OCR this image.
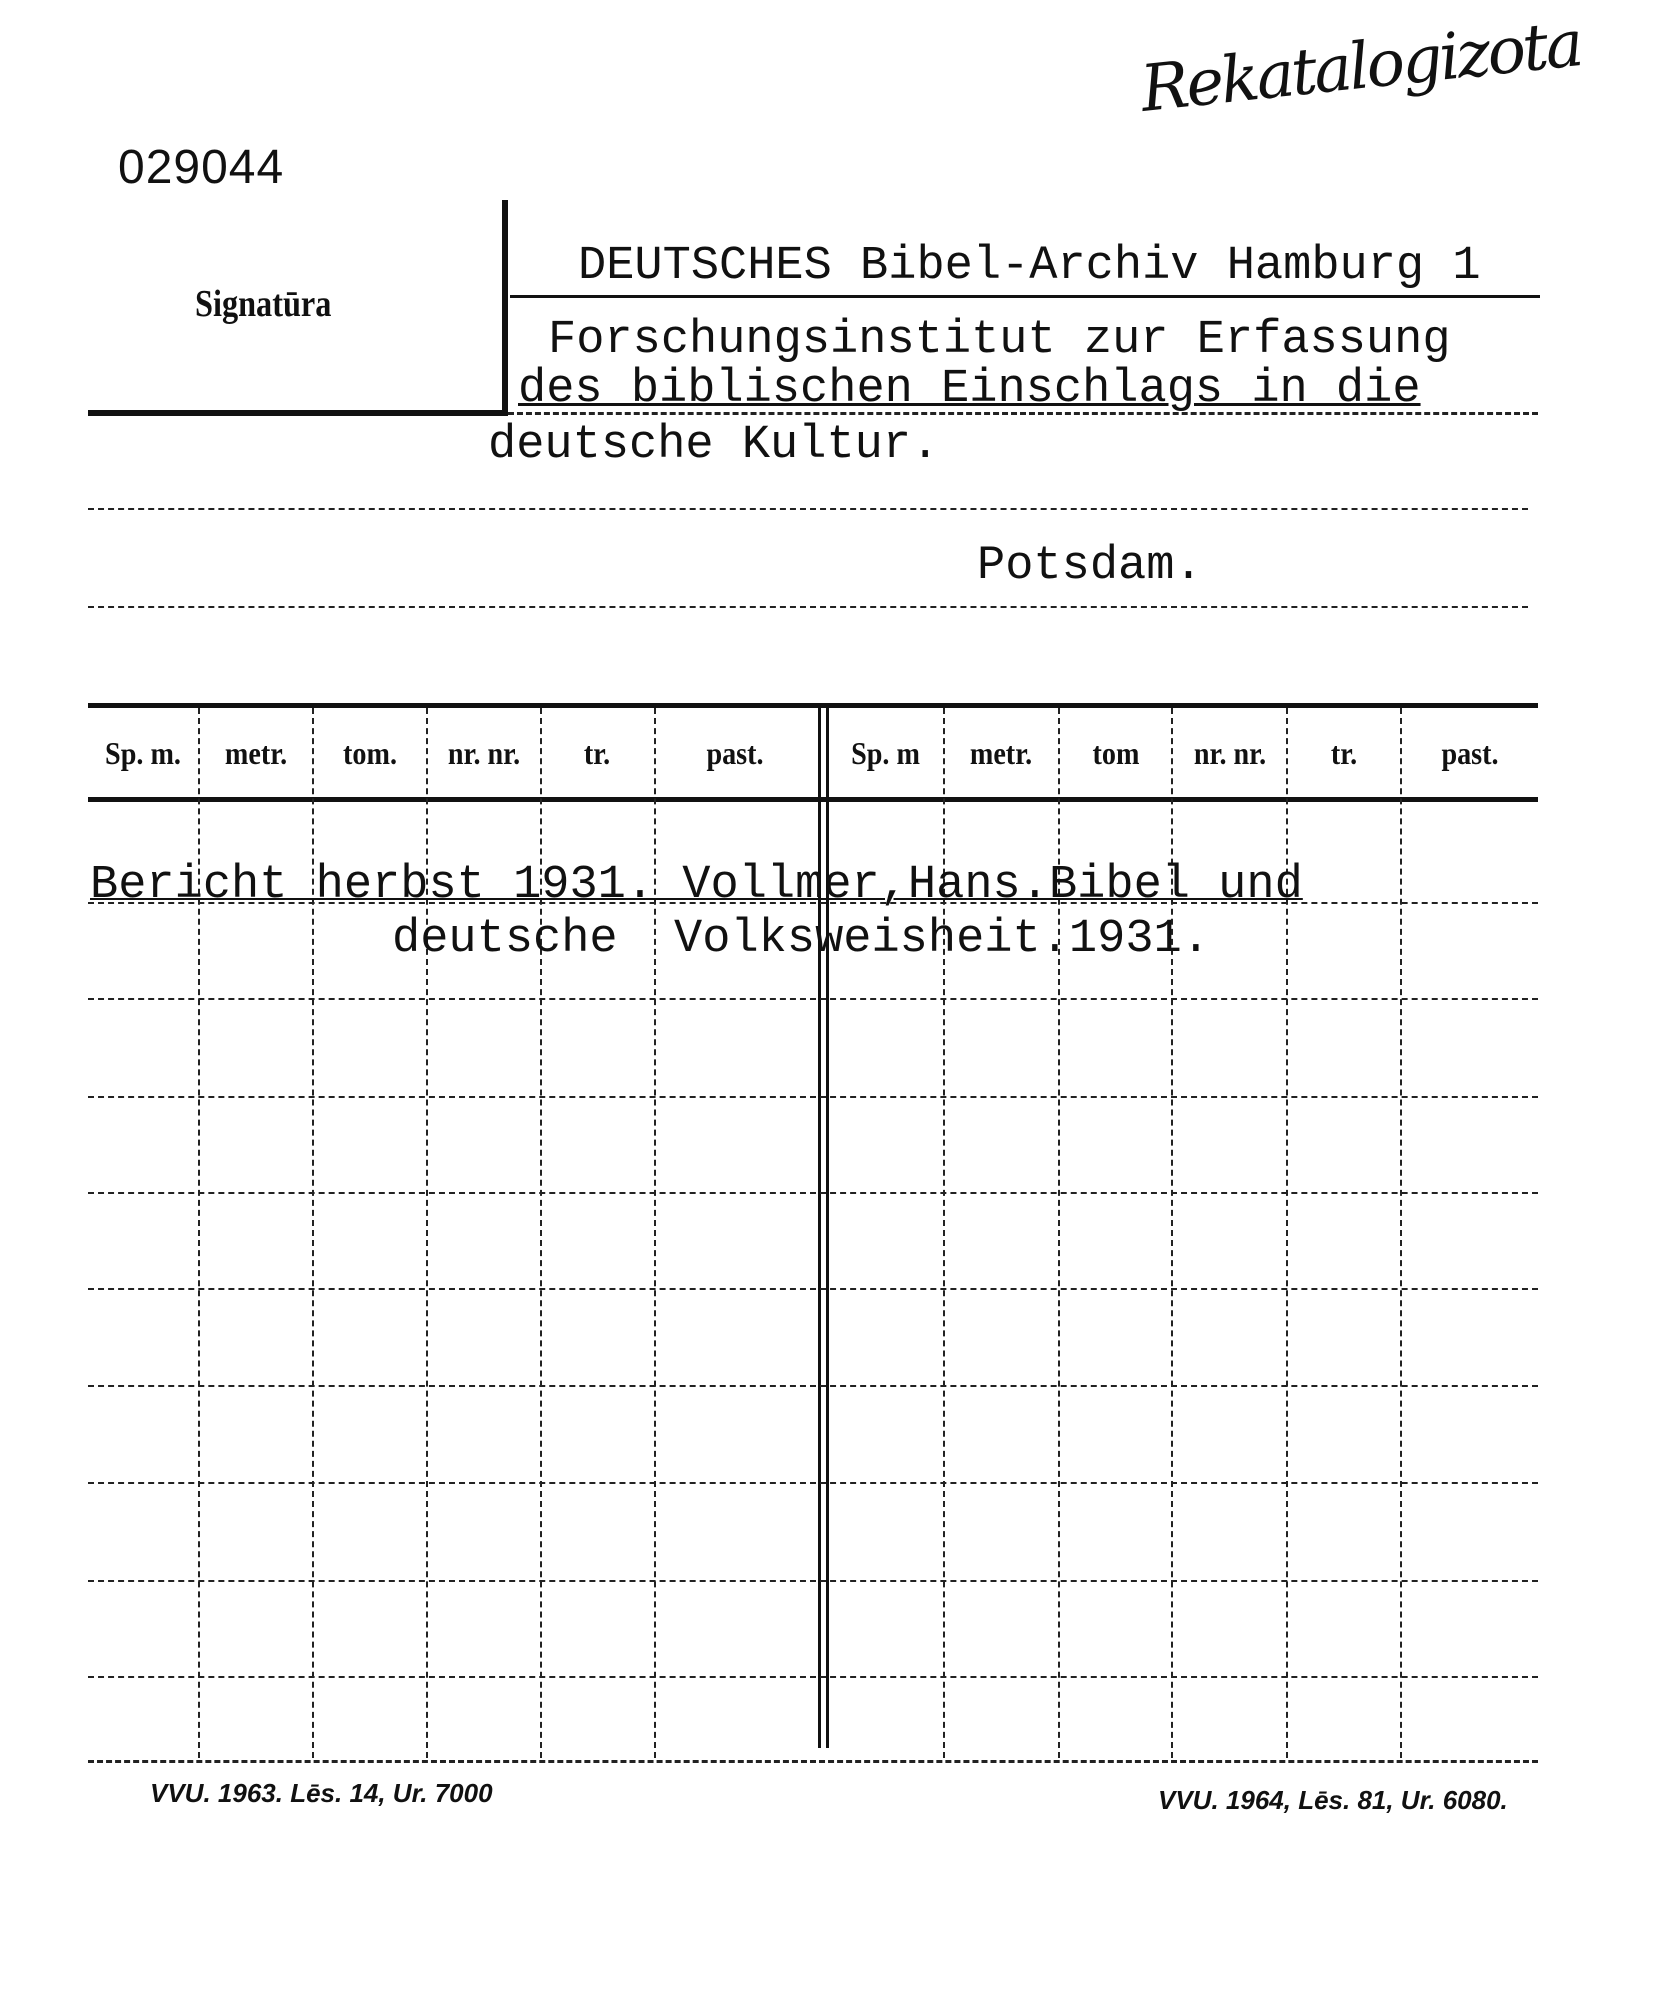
Rekatalogizota
029044
Signatūra
DEUTSCHES Bibel-Archiv Hamburg 1
Forschungsinstitut zur Erfassung
des biblischen Einschlags in die
deutsche Kultur.
Potsdam.
Sp. m.	metr.	tom.	nr. nr.	tr.	past.	Sp. m	metr.	tom	nr. nr.	tr.	past.
Bericht herbst 1931. Vollmer,Hans.Bibel und
deutsche  Volksweisheit.1931.
VVU. 1963. Lēs. 14, Ur. 7000	VVU. 1964, Lēs. 81, Ur. 6080.
